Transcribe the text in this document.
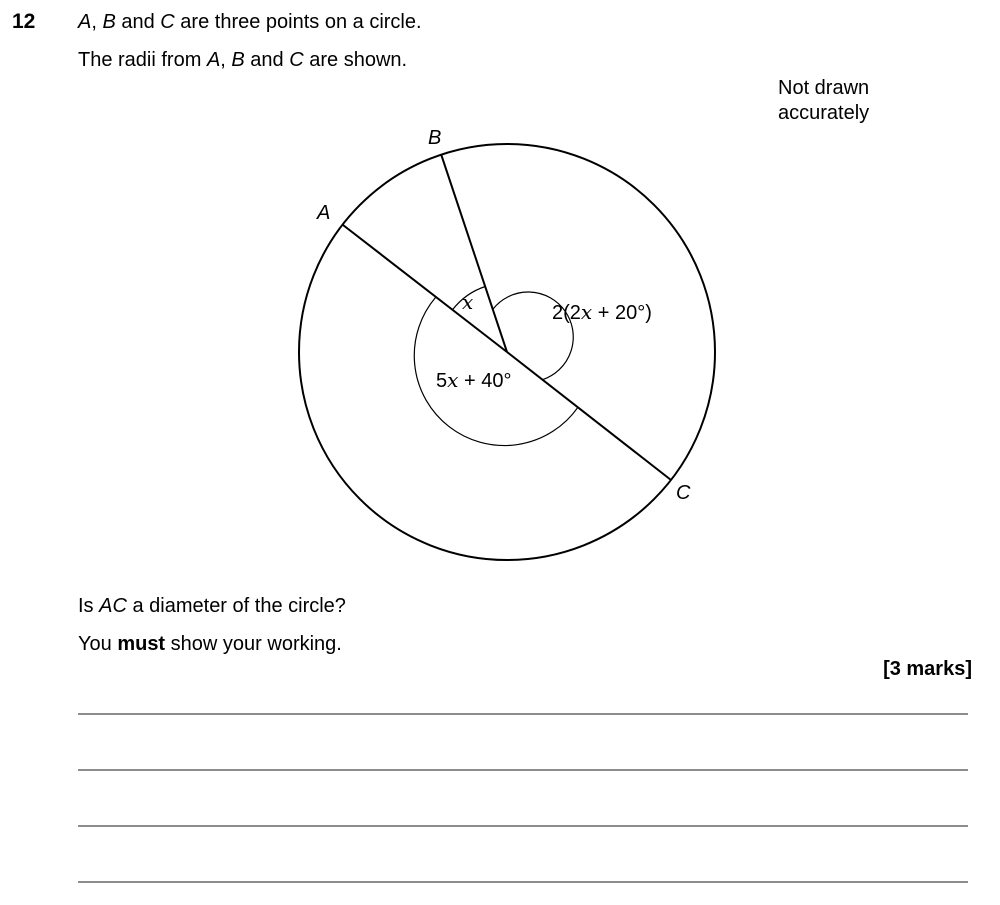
12 A, B and C are three points on a circle.
The radii from A, B and C are shown.
Not drawn accurately
A
B
C
x	2(2x + 20°)
5x + 40°
Is AC a diameter of the circle?
You must show your working.
[3 marks]
